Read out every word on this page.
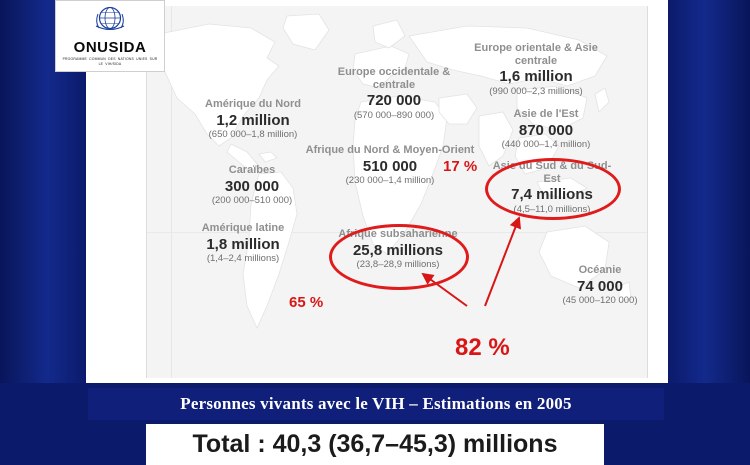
ONUSIDA
PROGRAMME COMMUN DES NATIONS UNIES SUR LE VIH/SIDA
Amérique du Nord
1,2 million
(650 000–1,8 million)
Caraïbes
300 000
(200 000–510 000)
Amérique latine
1,8 million
(1,4–2,4 millions)
Europe occidentale & centrale
720 000
(570 000–890 000)
Afrique du Nord & Moyen-Orient
510 000
(230 000–1,4 million)
Europe orientale & Asie centrale
1,6 million
(990 000–2,3 millions)
Asie de l'Est
870 000
(440 000–1,4 million)
Asie du Sud & du Sud-Est
7,4 millions
(4,5–11,0 millions)
Afrique subsaharienne
25,8 millions
(23,8–28,9 millions)	Océanie
74 000
(45 000–120 000)
17 %
65 %
82 %
Personnes vivants avec le VIH – Estimations en 2005
Total : 40,3 (36,7–45,3) millions
